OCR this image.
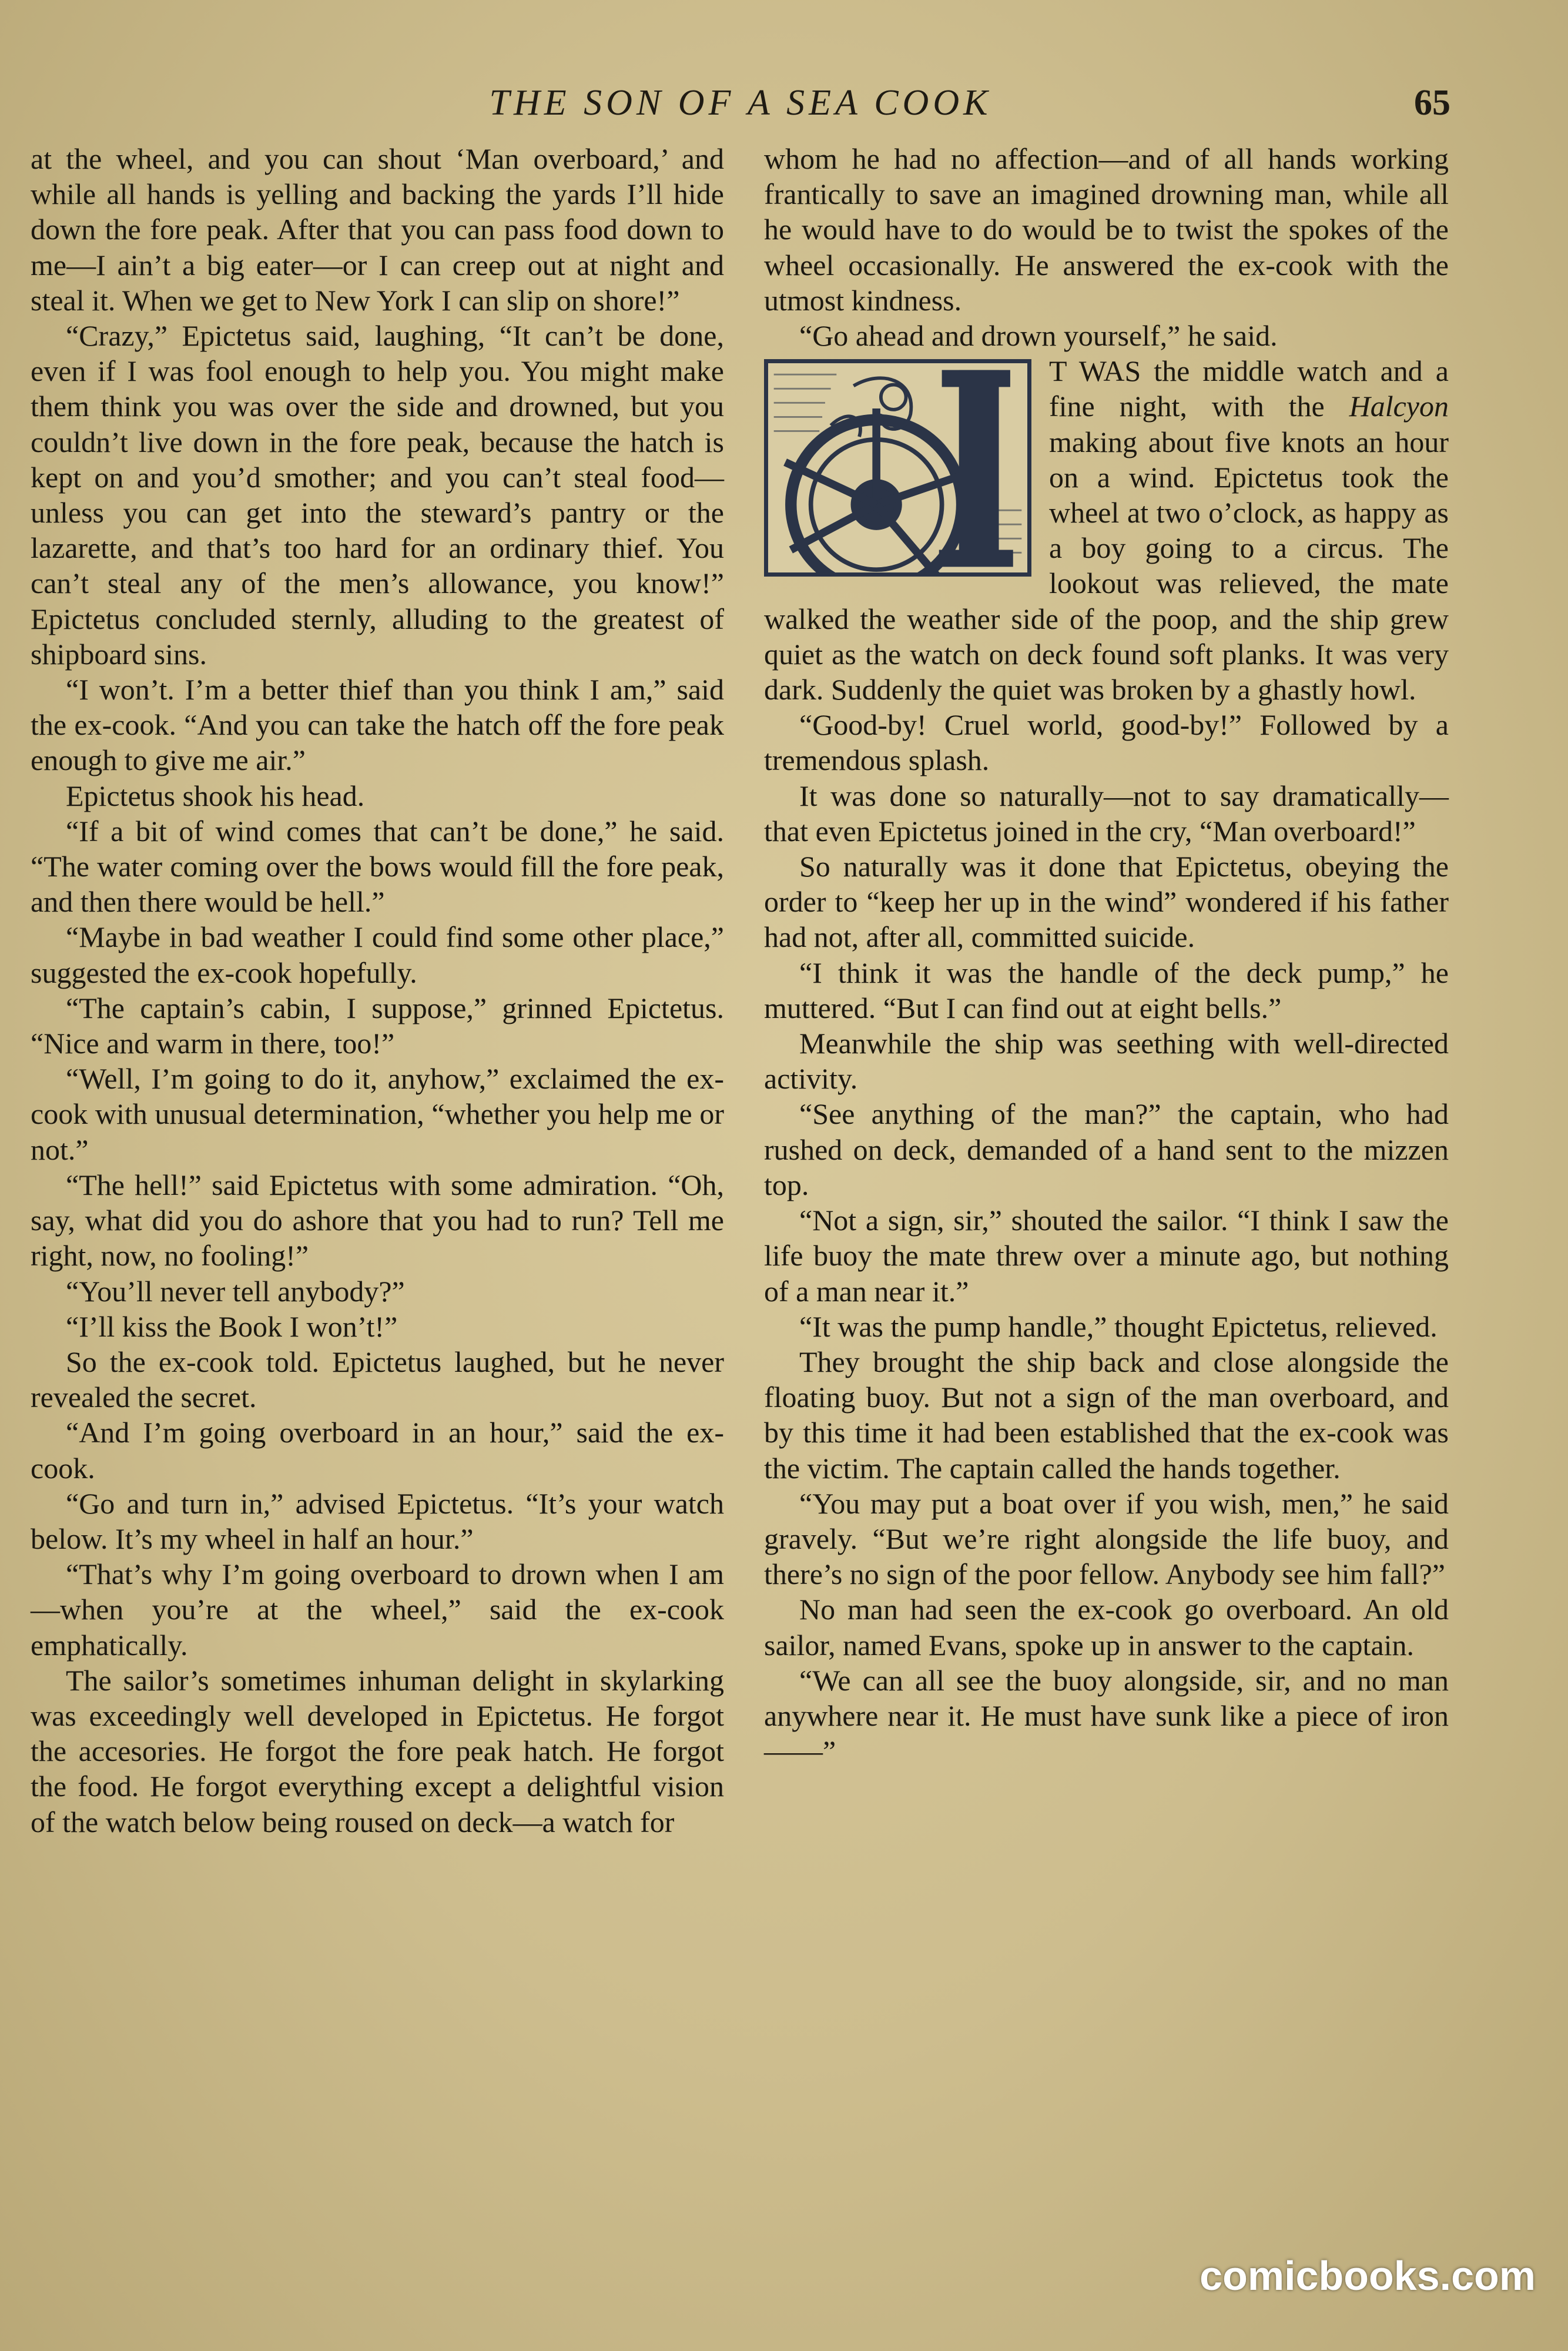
THE SON OF A SEA COOK	65

at the wheel, and you can shout ‘Man overboard,’ and while all hands is yelling and backing the yards I’ll hide down the fore peak. After that you can pass food down to me—I ain’t a big eater—or I can creep out at night and steal it. When we get to New York I can slip on shore!”

“Crazy,” Epictetus said, laughing, “It can’t be done, even if I was fool enough to help you. You might make them think you was over the side and drowned, but you couldn’t live down in the fore peak, because the hatch is kept on and you’d smother; and you can’t steal food—unless you can get into the steward’s pantry or the lazarette, and that’s too hard for an ordinary thief. You can’t steal any of the men’s allowance, you know!” Epictetus concluded sternly, alluding to the greatest of shipboard sins.

“I won’t. I’m a better thief than you think I am,” said the ex-cook. “And you can take the hatch off the fore peak enough to give me air.”

Epictetus shook his head.

“If a bit of wind comes that can’t be done,” he said. “The water coming over the bows would fill the fore peak, and then there would be hell.”

“Maybe in bad weather I could find some other place,” suggested the ex-cook hopefully.

“The captain’s cabin, I suppose,” grinned Epictetus. “Nice and warm in there, too!”

“Well, I’m going to do it, anyhow,” exclaimed the ex-cook with unusual determination, “whether you help me or not.”

“The hell!” said Epictetus with some admiration. “Oh, say, what did you do ashore that you had to run? Tell me right, now, no fooling!”

“You’ll never tell anybody?”

“I’ll kiss the Book I won’t!”

So the ex-cook told. Epictetus laughed, but he never revealed the secret.

“And I’m going overboard in an hour,” said the ex-cook.

“Go and turn in,” advised Epictetus. “It’s your watch below. It’s my wheel in half an hour.”

“That’s why I’m going overboard to drown when I am—when you’re at the wheel,” said the ex-cook emphatically.

The sailor’s sometimes inhuman delight in skylarking was exceedingly well developed in Epictetus. He forgot the accesories. He forgot the fore peak hatch. He forgot the food. He forgot everything except a delightful vision of the watch below being roused on deck—a watch for

whom he had no affection—and of all hands working frantically to save an imagined drowning man, while all he would have to do would be to twist the spokes of the wheel occasionally. He answered the ex-cook with the utmost kindness.

“Go ahead and drown yourself,” he said.

T WAS the middle watch and a fine night, with the Halcyon making about five knots an hour on a wind. Epictetus took the wheel at two o’clock, as happy as a boy going to a circus. The lookout was relieved, the mate walked the weather side of the poop, and the ship grew quiet as the watch on deck found soft planks. It was very dark. Suddenly the quiet was broken by a ghastly howl.

“Good-by! Cruel world, good-by!” Followed by a tremendous splash.

It was done so naturally—not to say dramatically—that even Epictetus joined in the cry, “Man overboard!”

So naturally was it done that Epictetus, obeying the order to “keep her up in the wind” wondered if his father had not, after all, committed suicide.

“I think it was the handle of the deck pump,” he muttered. “But I can find out at eight bells.”

Meanwhile the ship was seething with well-directed activity.

“See anything of the man?” the captain, who had rushed on deck, demanded of a hand sent to the mizzen top.

“Not a sign, sir,” shouted the sailor. “I think I saw the life buoy the mate threw over a minute ago, but nothing of a man near it.”

“It was the pump handle,” thought Epictetus, relieved.

They brought the ship back and close alongside the floating buoy. But not a sign of the man overboard, and by this time it had been established that the ex-cook was the victim. The captain called the hands together.

“You may put a boat over if you wish, men,” he said gravely. “But we’re right alongside the life buoy, and there’s no sign of the poor fellow. Anybody see him fall?”

No man had seen the ex-cook go overboard. An old sailor, named Evans, spoke up in answer to the captain.

“We can all see the buoy alongside, sir, and no man anywhere near it. He must have sunk like a piece of iron——”

comicbooks.com
